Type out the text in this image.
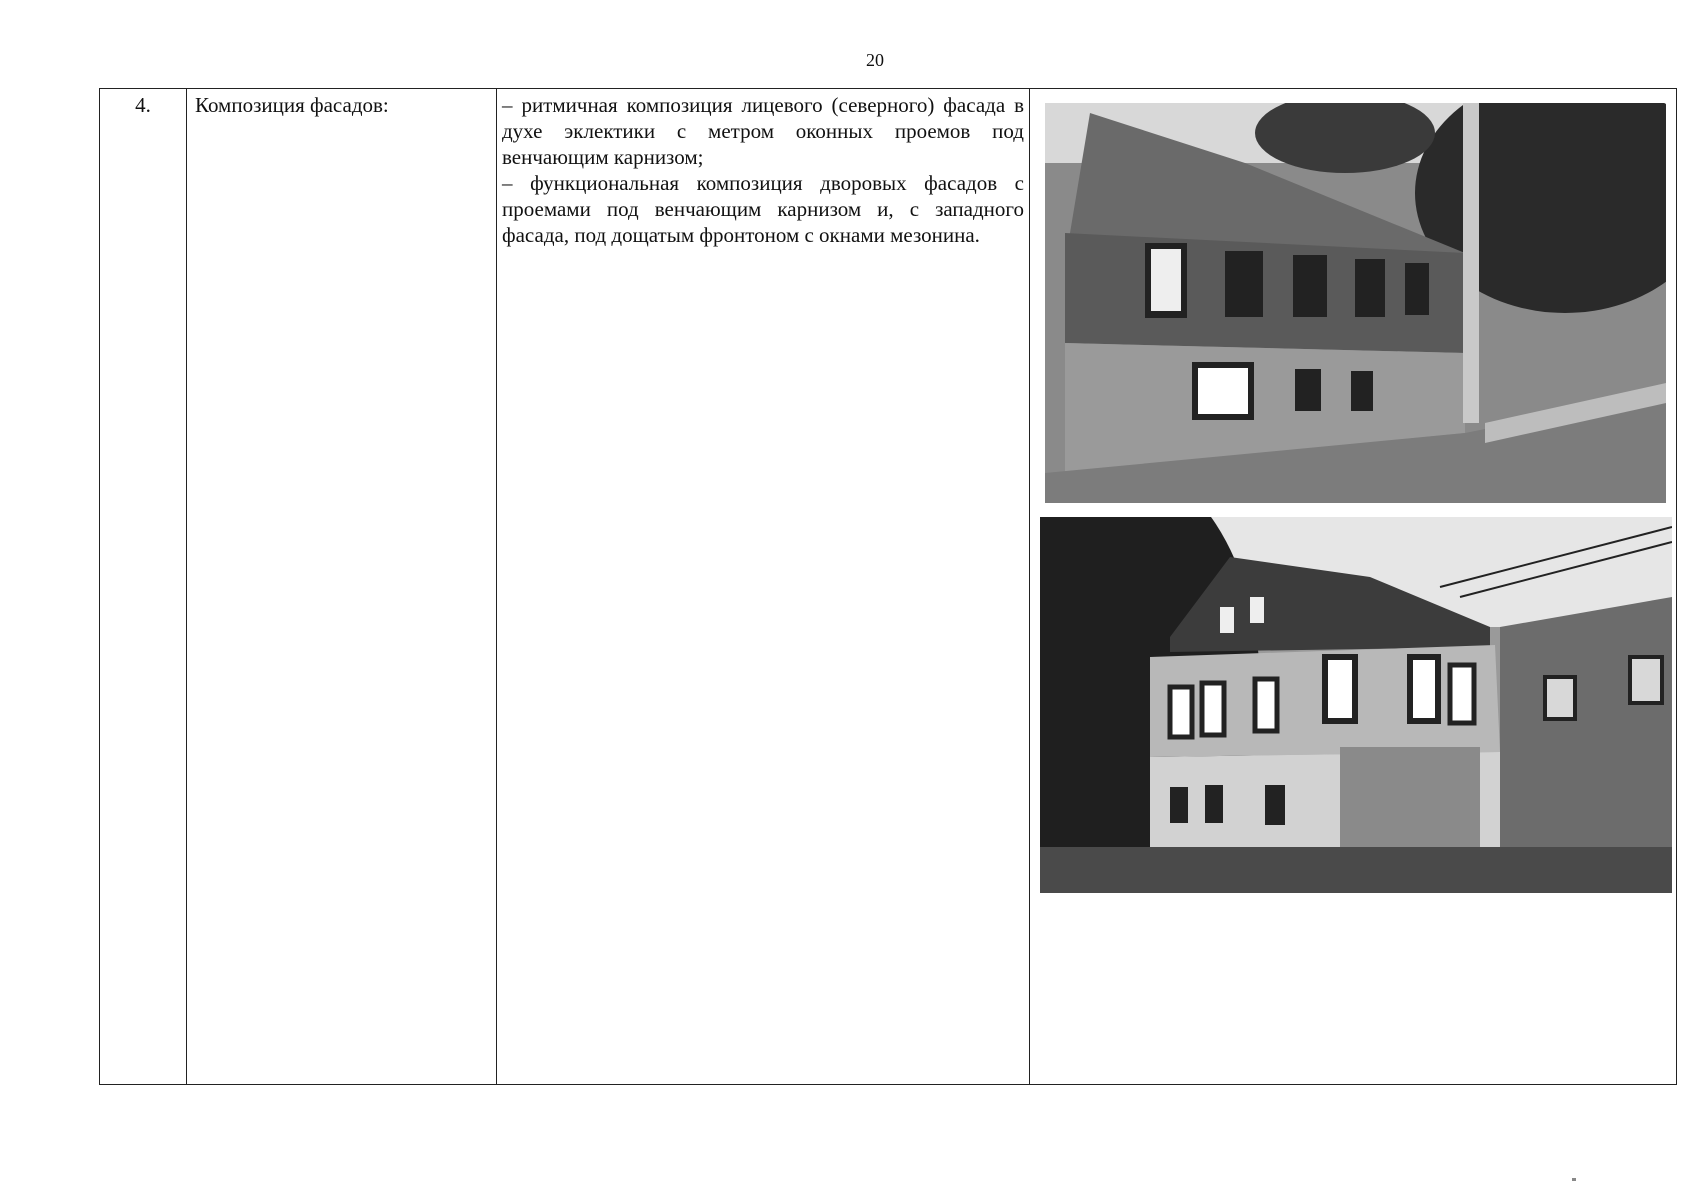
20
4.	Композиция фасадов:	– ритмичная композиция лицевого (северного) фасада в духе эклектики с метром оконных проемов под венчающим карнизом;

– функциональная композиция дворовых фасадов с проемами под венчающим карнизом и, с западного фасада, под дощатым фронтоном с окнами мезонина.
